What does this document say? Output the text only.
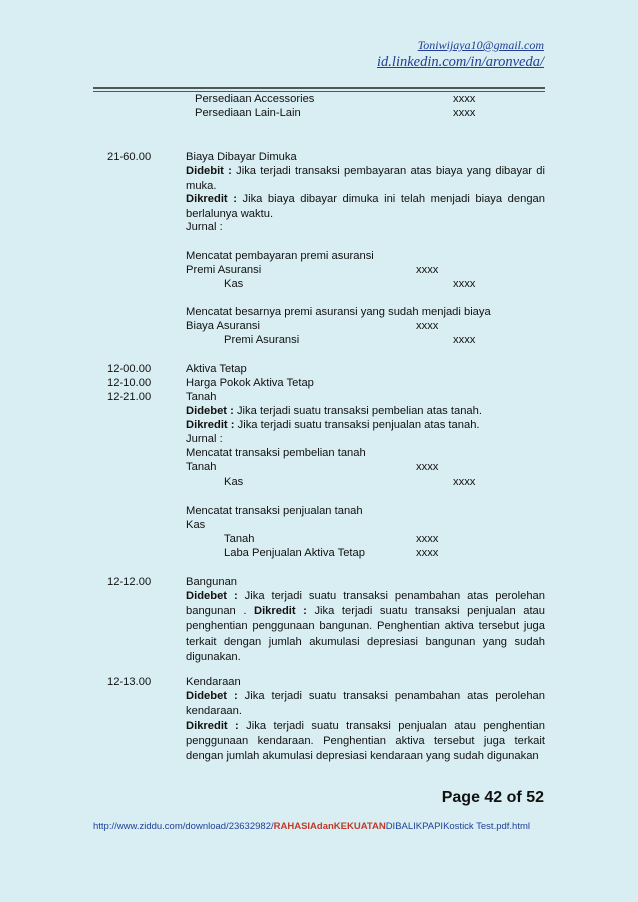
Toniwijaya10@gmail.com
id.linkedin.com/in/aronveda/
Persediaan Accessories	xxxx
Persediaan Lain-Lain	xxxx
21-60.00	Biaya Dibayar Dimuka
Didebit : Jika terjadi transaksi pembayaran atas biaya yang dibayar di muka.
Dikredit : Jika biaya dibayar dimuka ini telah menjadi biaya dengan berlalunya waktu.
Jurnal :
Mencatat pembayaran premi asuransi
Premi Asuransi	xxxx
Kas	xxxx
Mencatat besarnya premi asuransi yang sudah menjadi biaya
Biaya Asuransi	xxxx
Premi Asuransi	xxxx
12-00.00	Aktiva Tetap
12-10.00	Harga Pokok Aktiva Tetap
12-21.00	Tanah
Didebet : Jika terjadi suatu transaksi pembelian atas tanah.
Dikredit : Jika terjadi suatu transaksi penjualan atas tanah.
Jurnal :
Mencatat transaksi pembelian tanah
Tanah	xxxx
Kas	xxxx
Mencatat transaksi penjualan tanah
Kas
Tanah	xxxx
Laba Penjualan Aktiva Tetap	xxxx
12-12.00	Bangunan
Didebet : Jika terjadi suatu transaksi penambahan atas perolehan bangunan . Dikredit : Jika terjadi suatu transaksi penjualan atau penghentian penggunaan bangunan. Penghentian aktiva tersebut juga terkait dengan jumlah akumulasi depresiasi bangunan yang sudah digunakan.
12-13.00	Kendaraan
Didebet : Jika terjadi suatu transaksi penambahan atas perolehan kendaraan.
Dikredit : Jika terjadi suatu transaksi penjualan atau penghentian penggunaan kendaraan. Penghentian aktiva tersebut juga terkait dengan jumlah akumulasi depresiasi kendaraan yang sudah digunakan
Page 42 of 52
http://www.ziddu.com/download/23632982/RAHASIAdanKEKUATANDIBALIKPAPIKostick Test.pdf.html
